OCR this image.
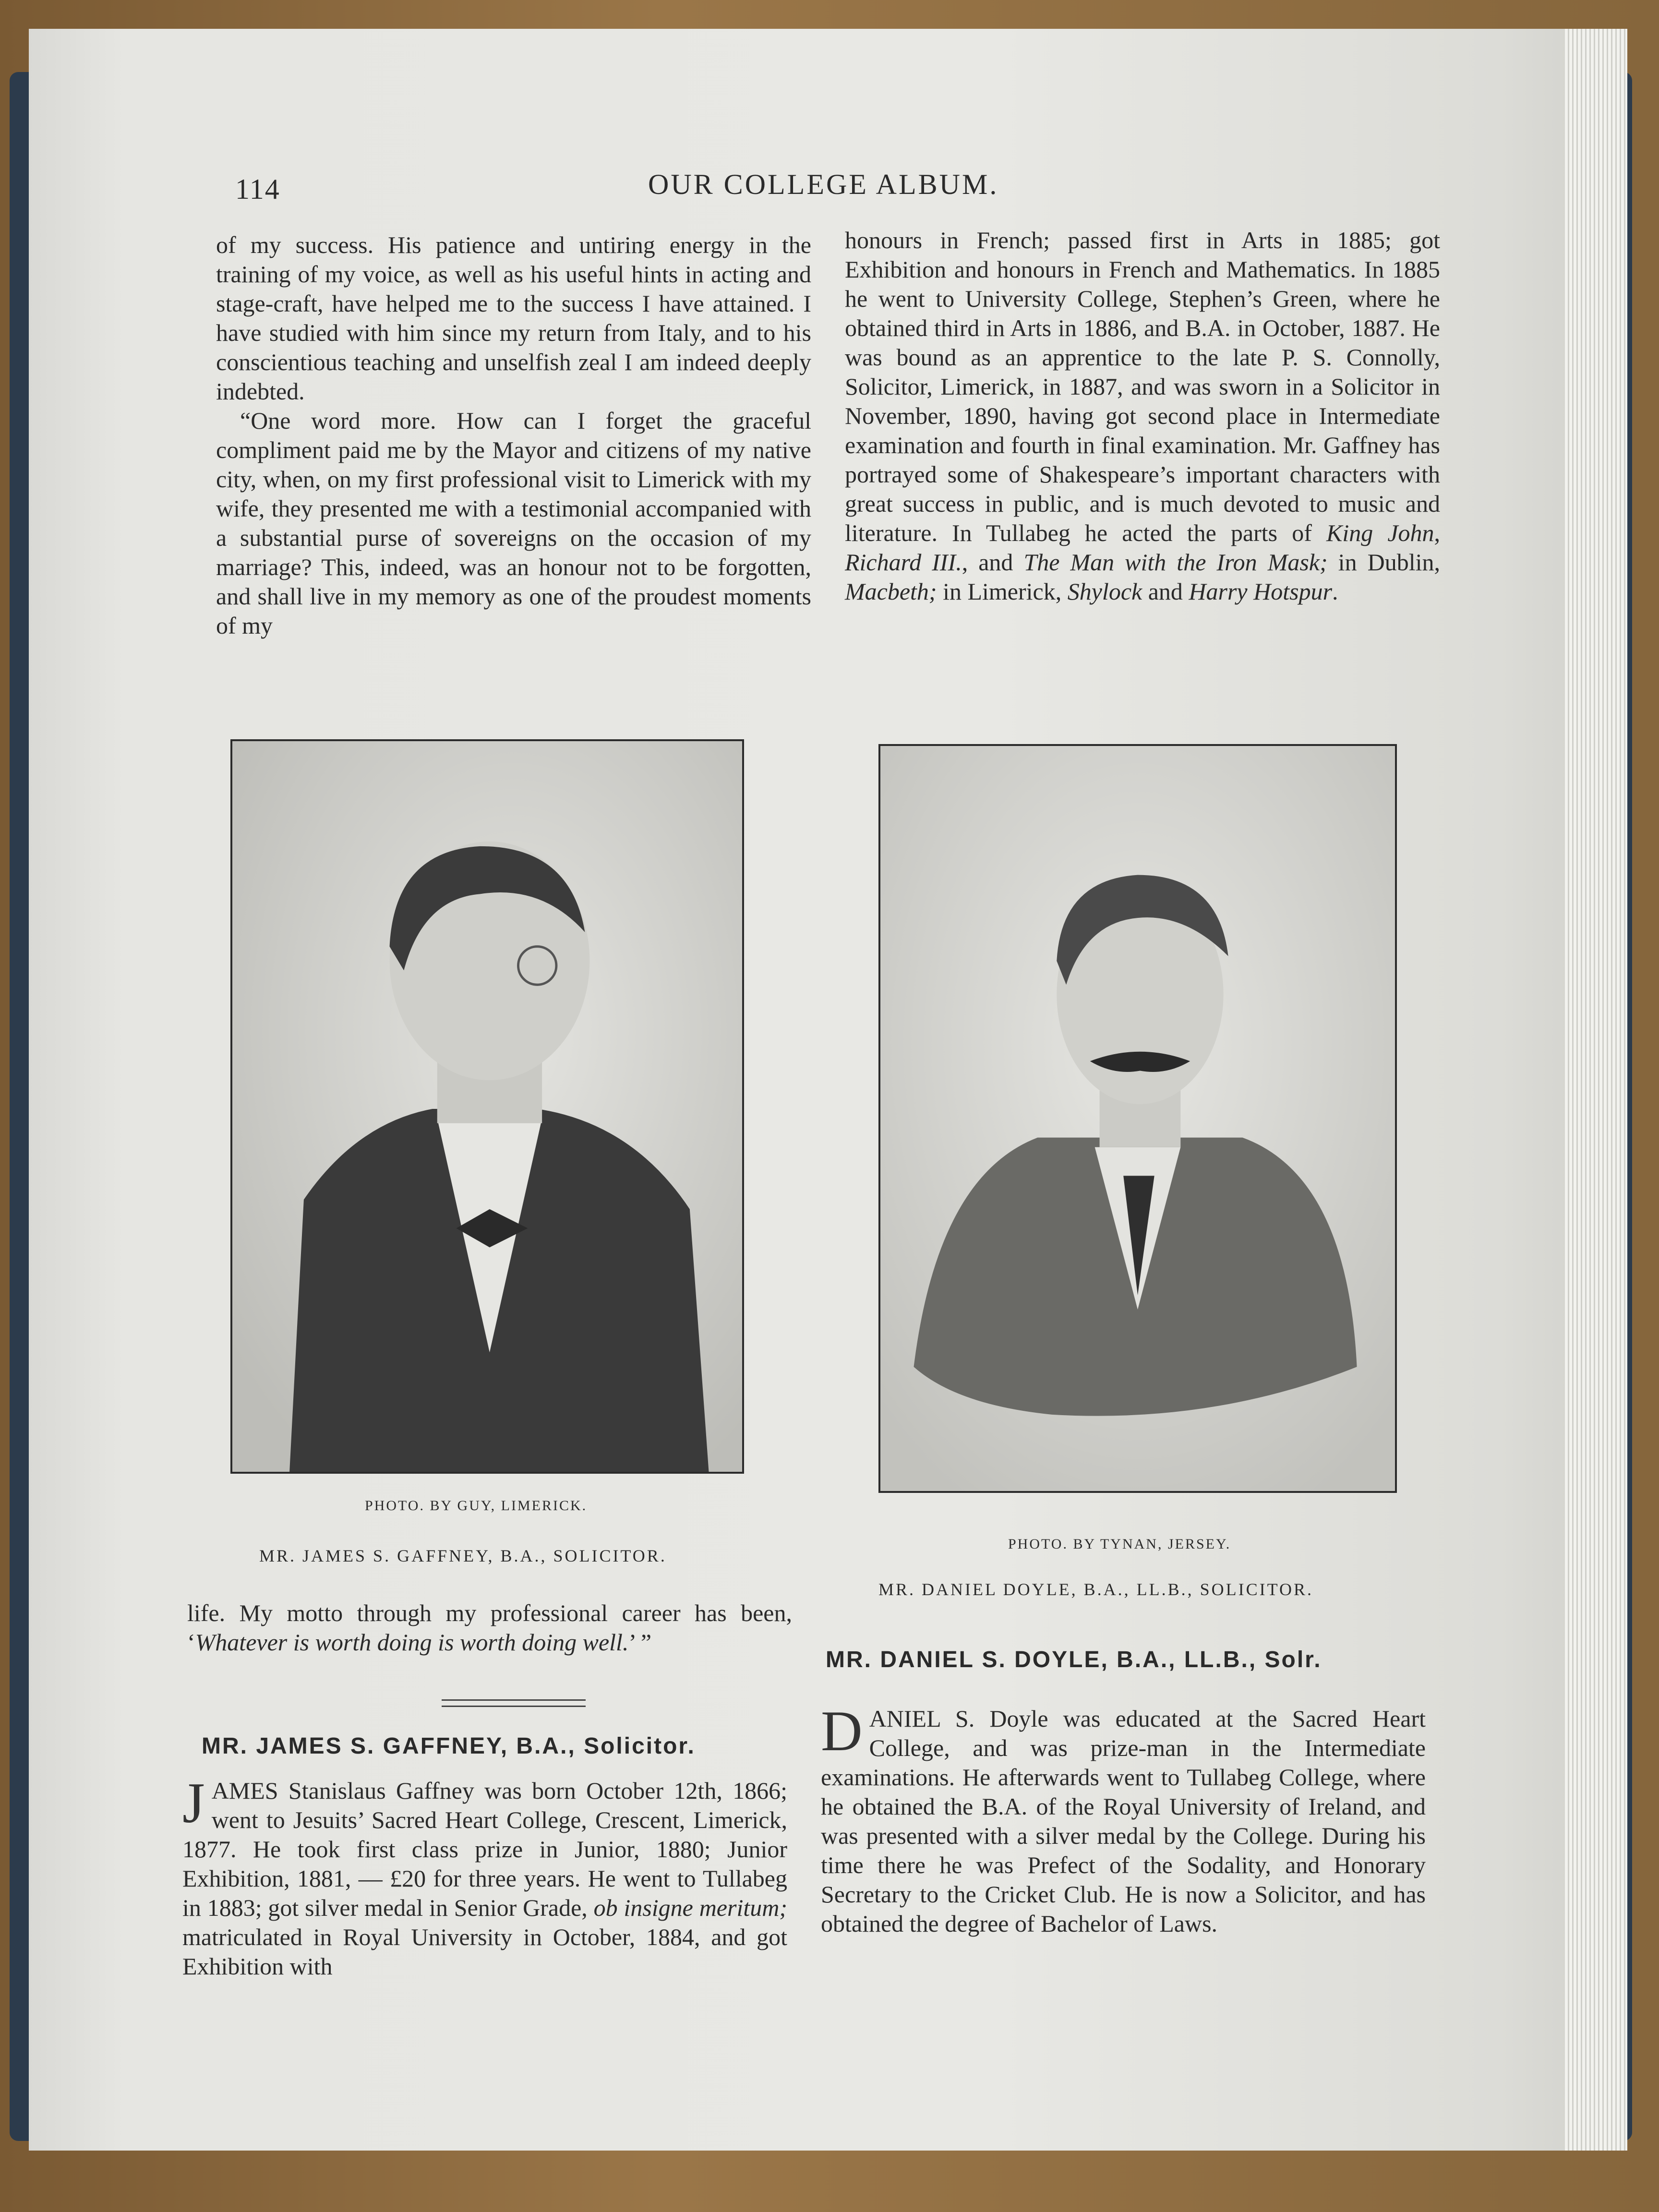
114	OUR COLLEGE ALBUM.

of my success. His patience and untiring energy in the training of my voice, as well as his useful hints in acting and stage-craft, have helped me to the success I have attained. I have studied with him since my return from Italy, and to his conscientious teaching and unselfish zeal I am indeed deeply indebted.

“One word more. How can I forget the graceful compliment paid me by the Mayor and citizens of my native city, when, on my first professional visit to Limerick with my wife, they presented me with a testimonial accompanied with a substantial purse of sovereigns on the occasion of my marriage? This, indeed, was an honour not to be forgotten, and shall live in my memory as one of the proudest moments of my

honours in French; passed first in Arts in 1885; got Exhibition and honours in French and Mathematics. In 1885 he went to University College, Stephen’s Green, where he obtained third in Arts in 1886, and B.A. in October, 1887. He was bound as an apprentice to the late P. S. Connolly, Solicitor, Limerick, in 1887, and was sworn in a Solicitor in November, 1890, having got second place in Intermediate examination and fourth in final examination. Mr. Gaffney has portrayed some of Shakespeare’s important characters with great success in public, and is much devoted to music and literature. In Tullabeg he acted the parts of King John, Richard III., and The Man with the Iron Mask; in Dublin, Macbeth; in Limerick, Shylock and Harry Hotspur.

PHOTO. BY GUY, LIMERICK.
MR. JAMES S. GAFFNEY, B.A., SOLICITOR.
PHOTO. BY TYNAN, JERSEY.
MR. DANIEL DOYLE, B.A., LL.B., SOLICITOR.

life. My motto through my professional career has been, ‘Whatever is worth doing is worth doing well.’ ”

MR. JAMES S. GAFFNEY, B.A., Solicitor.

JAMES Stanislaus Gaffney was born October 12th, 1866; went to Jesuits’ Sacred Heart College, Crescent, Limerick, 1877. He took first class prize in Junior, 1880; Junior Exhibition, 1881, — £20 for three years. He went to Tullabeg in 1883; got silver medal in Senior Grade, ob insigne meritum; matriculated in Royal University in October, 1884, and got Exhibition with

MR. DANIEL S. DOYLE, B.A., LL.B., Solr.

DANIEL S. Doyle was educated at the Sacred Heart College, and was prize-man in the Intermediate examinations. He afterwards went to Tullabeg College, where he obtained the B.A. of the Royal University of Ireland, and was presented with a silver medal by the College. During his time there he was Prefect of the Sodality, and Honorary Secretary to the Cricket Club. He is now a Solicitor, and has obtained the degree of Bachelor of Laws.
